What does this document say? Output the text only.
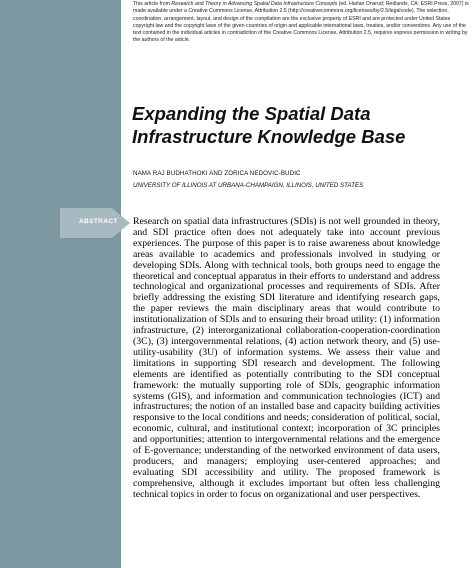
ABSTRACT

This article from Research and Theory in Advancing Spatial Data Infrastructure Concepts (ed. Harlan Onsrud; Redlands, CA: ESRI Press, 2007) is made available under a Creative Commons License, Attribution 2.5 (http://creativecommons.org/licenses/by/2.5/legalcode). The selection, coordination, arrangement, layout, and design of the compilation are the exclusive property of ESRI and are protected under United States copyright law and the copyright laws of the given countries of origin and applicable international laws, treaties, and/or conventions. Any use of the text contained in the individual articles in contradiction of the Creative Commons License, Attribution 2.5, requires express permission in writing by the authors of the article.

Expanding the Spatial Data
Infrastructure Knowledge Base

NAMA RAJ BUDHATHOKI AND ZORICA NEDOVIC-BUDIC

UNIVERSITY OF ILLINOIS AT URBANA-CHAMPAIGN, ILLINOIS, UNITED STATES

Research on spatial data infrastructures (SDIs) is not well grounded in theory, and SDI practice often does not adequately take into account previous experiences. The purpose of this paper is to raise awareness about knowledge areas available to academics and professionals involved in studying or developing SDIs. Along with technical tools, both groups need to engage the theoretical and conceptual apparatus in their efforts to understand and address technological and organizational processes and requirements of SDIs. After briefly addressing the existing SDI literature and identifying research gaps, the paper reviews the main disciplinary areas that would contribute to institutionalization of SDIs and to ensuring their broad utility: (1) information infrastructure, (2) interorganizational collaboration-cooperation-coordination (3C), (3) intergovernmental relations, (4) action network theory, and (5) use-utility-usability (3U) of information systems. We assess their value and limitations in supporting SDI research and development. The following elements are identified as potentially contributing to the SDI conceptual framework: the mutually supporting role of SDIs, geographic information systems (GIS), and information and communication technologies (ICT) and infrastructures; the notion of an installed base and capacity building activities responsive to the local conditions and needs; consideration of political, social, economic, cultural, and institutional context; incorporation of 3C principles and opportunities; attention to intergovernmental relations and the emergence of E-governance; understanding of the networked environment of data users, producers, and managers; employing user-centered approaches; and evaluating SDI accessibility and utility. The proposed framework is comprehensive, although it excludes important but often less challenging technical topics in order to focus on organizational and user perspectives.
